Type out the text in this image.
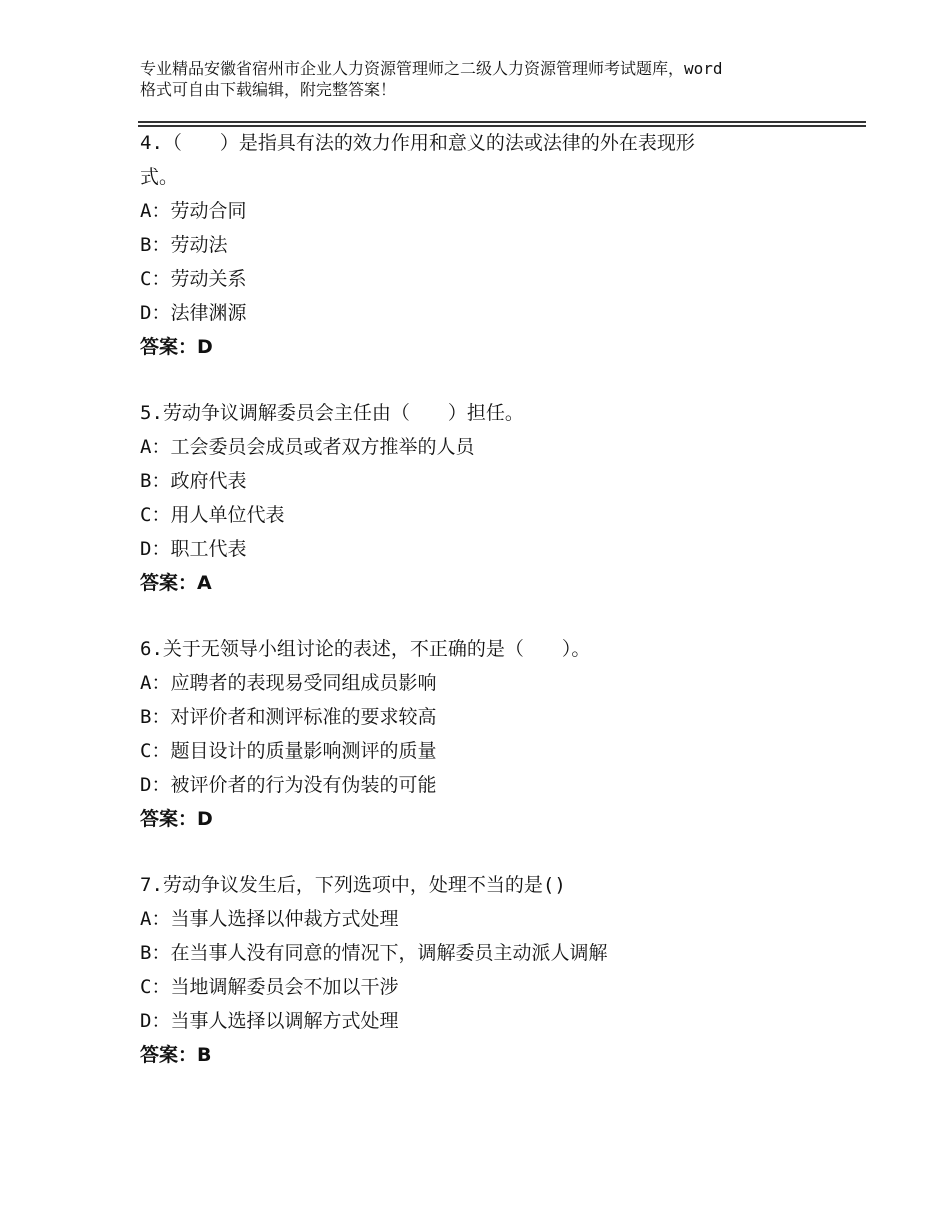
专业精品安徽省宿州市企业人力资源管理师之二级人力资源管理师考试题库，word
格式可自由下载编辑，附完整答案！
4.（　　）是指具有法的效力作用和意义的法或法律的外在表现形
式。
A：劳动合同
B：劳动法
C：劳动关系
D：法律渊源
答案：D
5.劳动争议调解委员会主任由（　　）担任。
A：工会委员会成员或者双方推举的人员
B：政府代表
C：用人单位代表
D：职工代表
答案：A
6.关于无领导小组讨论的表述，不正确的是（　　）。
A：应聘者的表现易受同组成员影响
B：对评价者和测评标准的要求较高
C：题目设计的质量影响测评的质量
D：被评价者的行为没有伪装的可能
答案：D
7.劳动争议发生后，下列选项中，处理不当的是()
A：当事人选择以仲裁方式处理
B：在当事人没有同意的情况下，调解委员主动派人调解
C：当地调解委员会不加以干涉
D：当事人选择以调解方式处理
答案：B
